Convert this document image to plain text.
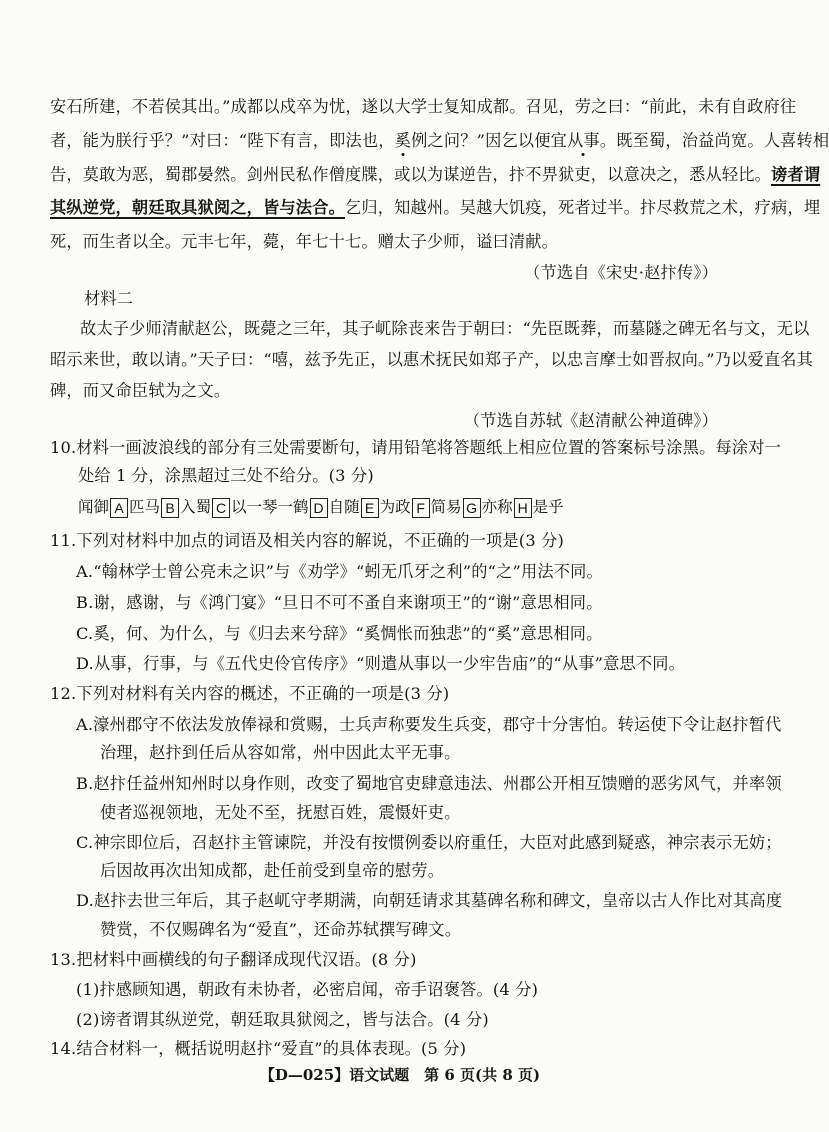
安石所建，不若侯其出。”成都以戍卒为忧，遂以大学士复知成都。召见，劳之曰：“前此，未有自政府往
者，能为朕行乎？”对曰：“陛下有言，即法也，奚例之问？”因乞以便宜从事。既至蜀，治益尚宽。人喜转相
告，莫敢为恶，蜀郡晏然。剑州民私作僧度牒，或以为谋逆告，抃不畀狱吏，以意决之，悉从轻比。谤者谓
其纵逆党，朝廷取具狱阅之，皆与法合。乞归，知越州。吴越大饥疫，死者过半。抃尽救荒之术，疗病，埋
死，而生者以全。元丰七年，薨，年七十七。赠太子少师，谥曰清献。
（节选自《宋史·赵抃传》）
材料二
故太子少师清献赵公，既薨之三年，其子屼除丧来告于朝曰：“先臣既葬，而墓隧之碑无名与文，无以
昭示来世，敢以请。”天子曰：“嘻，兹予先正，以惠术抚民如郑子产，以忠言摩士如晋叔向。”乃以爱直名其
碑，而又命臣轼为之文。
（节选自苏轼《赵清献公神道碑》）
10.材料一画波浪线的部分有三处需要断句，请用铅笔将答题纸上相应位置的答案标号涂黑。每涂对一
处给 1 分，涂黑超过三处不给分。(3 分)
闻御 A 匹马 B 入蜀 C 以一琴一鹤 D 自随 E 为政 F 简易 G 亦称 H 是乎
11.下列对材料中加点的词语及相关内容的解说，不正确的一项是(3 分)
A.“翰林学士曾公亮未之识”与《劝学》“蚓无爪牙之利”的“之”用法不同。
B.谢，感谢，与《鸿门宴》“旦日不可不蚤自来谢项王”的“谢”意思相同。
C.奚，何、为什么，与《归去来兮辞》“奚惆怅而独悲”的“奚”意思相同。
D.从事，行事，与《五代史伶官传序》“则遣从事以一少牢告庙”的“从事”意思不同。
12.下列对材料有关内容的概述，不正确的一项是(3 分)
A.濠州郡守不依法发放俸禄和赏赐，士兵声称要发生兵变，郡守十分害怕。转运使下令让赵抃暂代
治理，赵抃到任后从容如常，州中因此太平无事。
B.赵抃任益州知州时以身作则，改变了蜀地官吏肆意违法、州郡公开相互馈赠的恶劣风气，并率领
使者巡视领地，无处不至，抚慰百姓，震慑奸吏。
C.神宗即位后，召赵抃主管谏院，并没有按惯例委以府重任，大臣对此感到疑惑，神宗表示无妨；
后因故再次出知成都，赴任前受到皇帝的慰劳。
D.赵抃去世三年后，其子赵屼守孝期满，向朝廷请求其墓碑名称和碑文，皇帝以古人作比对其高度
赞赏，不仅赐碑名为“爱直”，还命苏轼撰写碑文。
13.把材料中画横线的句子翻译成现代汉语。(8 分)
(1)抃感顾知遇，朝政有未协者，必密启闻，帝手诏褒答。(4 分)
(2)谤者谓其纵逆党，朝廷取具狱阅之，皆与法合。(4 分)
14.结合材料一，概括说明赵抃“爱直”的具体表现。(5 分)
【D—025】语文试题　第 6 页(共 8 页)
